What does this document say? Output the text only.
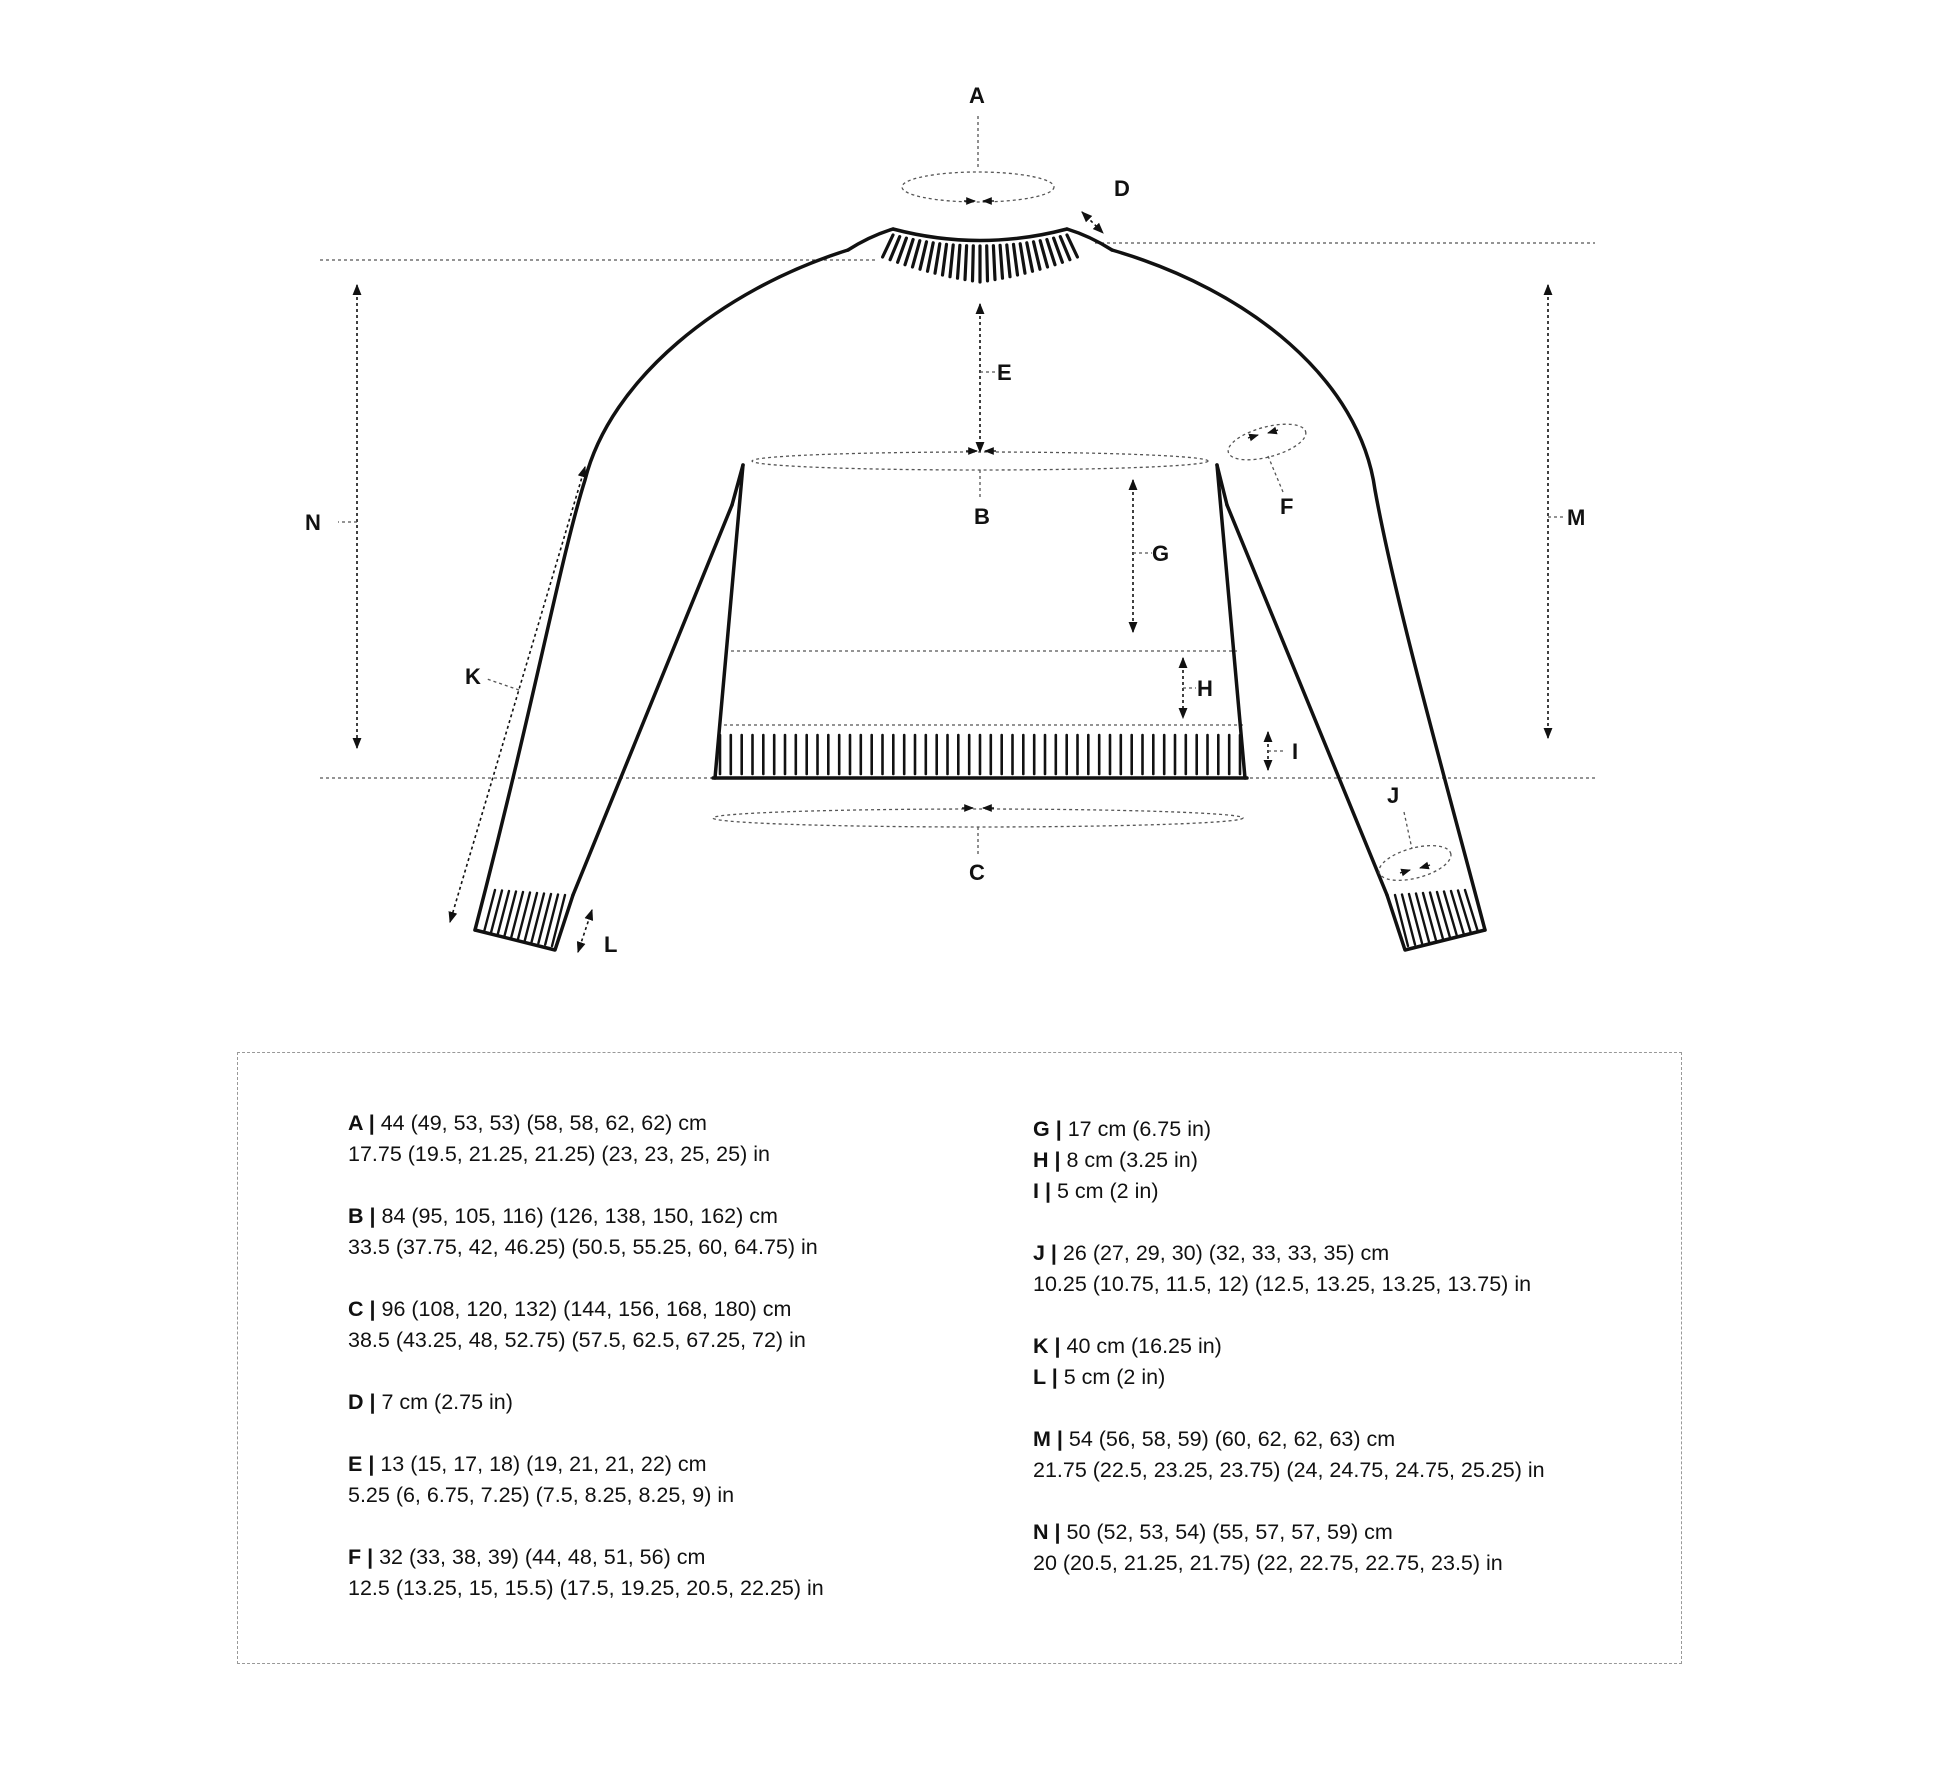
A
D
E
B	F
G
H
I
C
J
L
K
N	M
A | 44 (49, 53, 53) (58, 58, 62, 62) cm
17.75 (19.5, 21.25, 21.25) (23, 23, 25, 25) in
B | 84 (95, 105, 116) (126, 138, 150, 162) cm
33.5 (37.75, 42, 46.25) (50.5, 55.25, 60, 64.75) in
C | 96 (108, 120, 132) (144, 156, 168, 180) cm
38.5 (43.25, 48, 52.75) (57.5, 62.5, 67.25, 72) in
D | 7 cm (2.75 in)
E | 13 (15, 17, 18) (19, 21, 21, 22) cm
5.25 (6, 6.75, 7.25) (7.5, 8.25, 8.25, 9) in
F | 32 (33, 38, 39) (44, 48, 51, 56) cm
12.5 (13.25, 15, 15.5) (17.5, 19.25, 20.5, 22.25) in
G | 17 cm (6.75 in)
H | 8 cm (3.25 in)
I | 5 cm (2 in)
J | 26 (27, 29, 30) (32, 33, 33, 35) cm
10.25 (10.75, 11.5, 12) (12.5, 13.25, 13.25, 13.75) in
K | 40 cm (16.25 in)
L | 5 cm (2 in)
M | 54 (56, 58, 59) (60, 62, 62, 63) cm
21.75 (22.5, 23.25, 23.75) (24, 24.75, 24.75, 25.25) in
N | 50 (52, 53, 54) (55, 57, 57, 59) cm
20 (20.5, 21.25, 21.75) (22, 22.75, 22.75, 23.5) in
